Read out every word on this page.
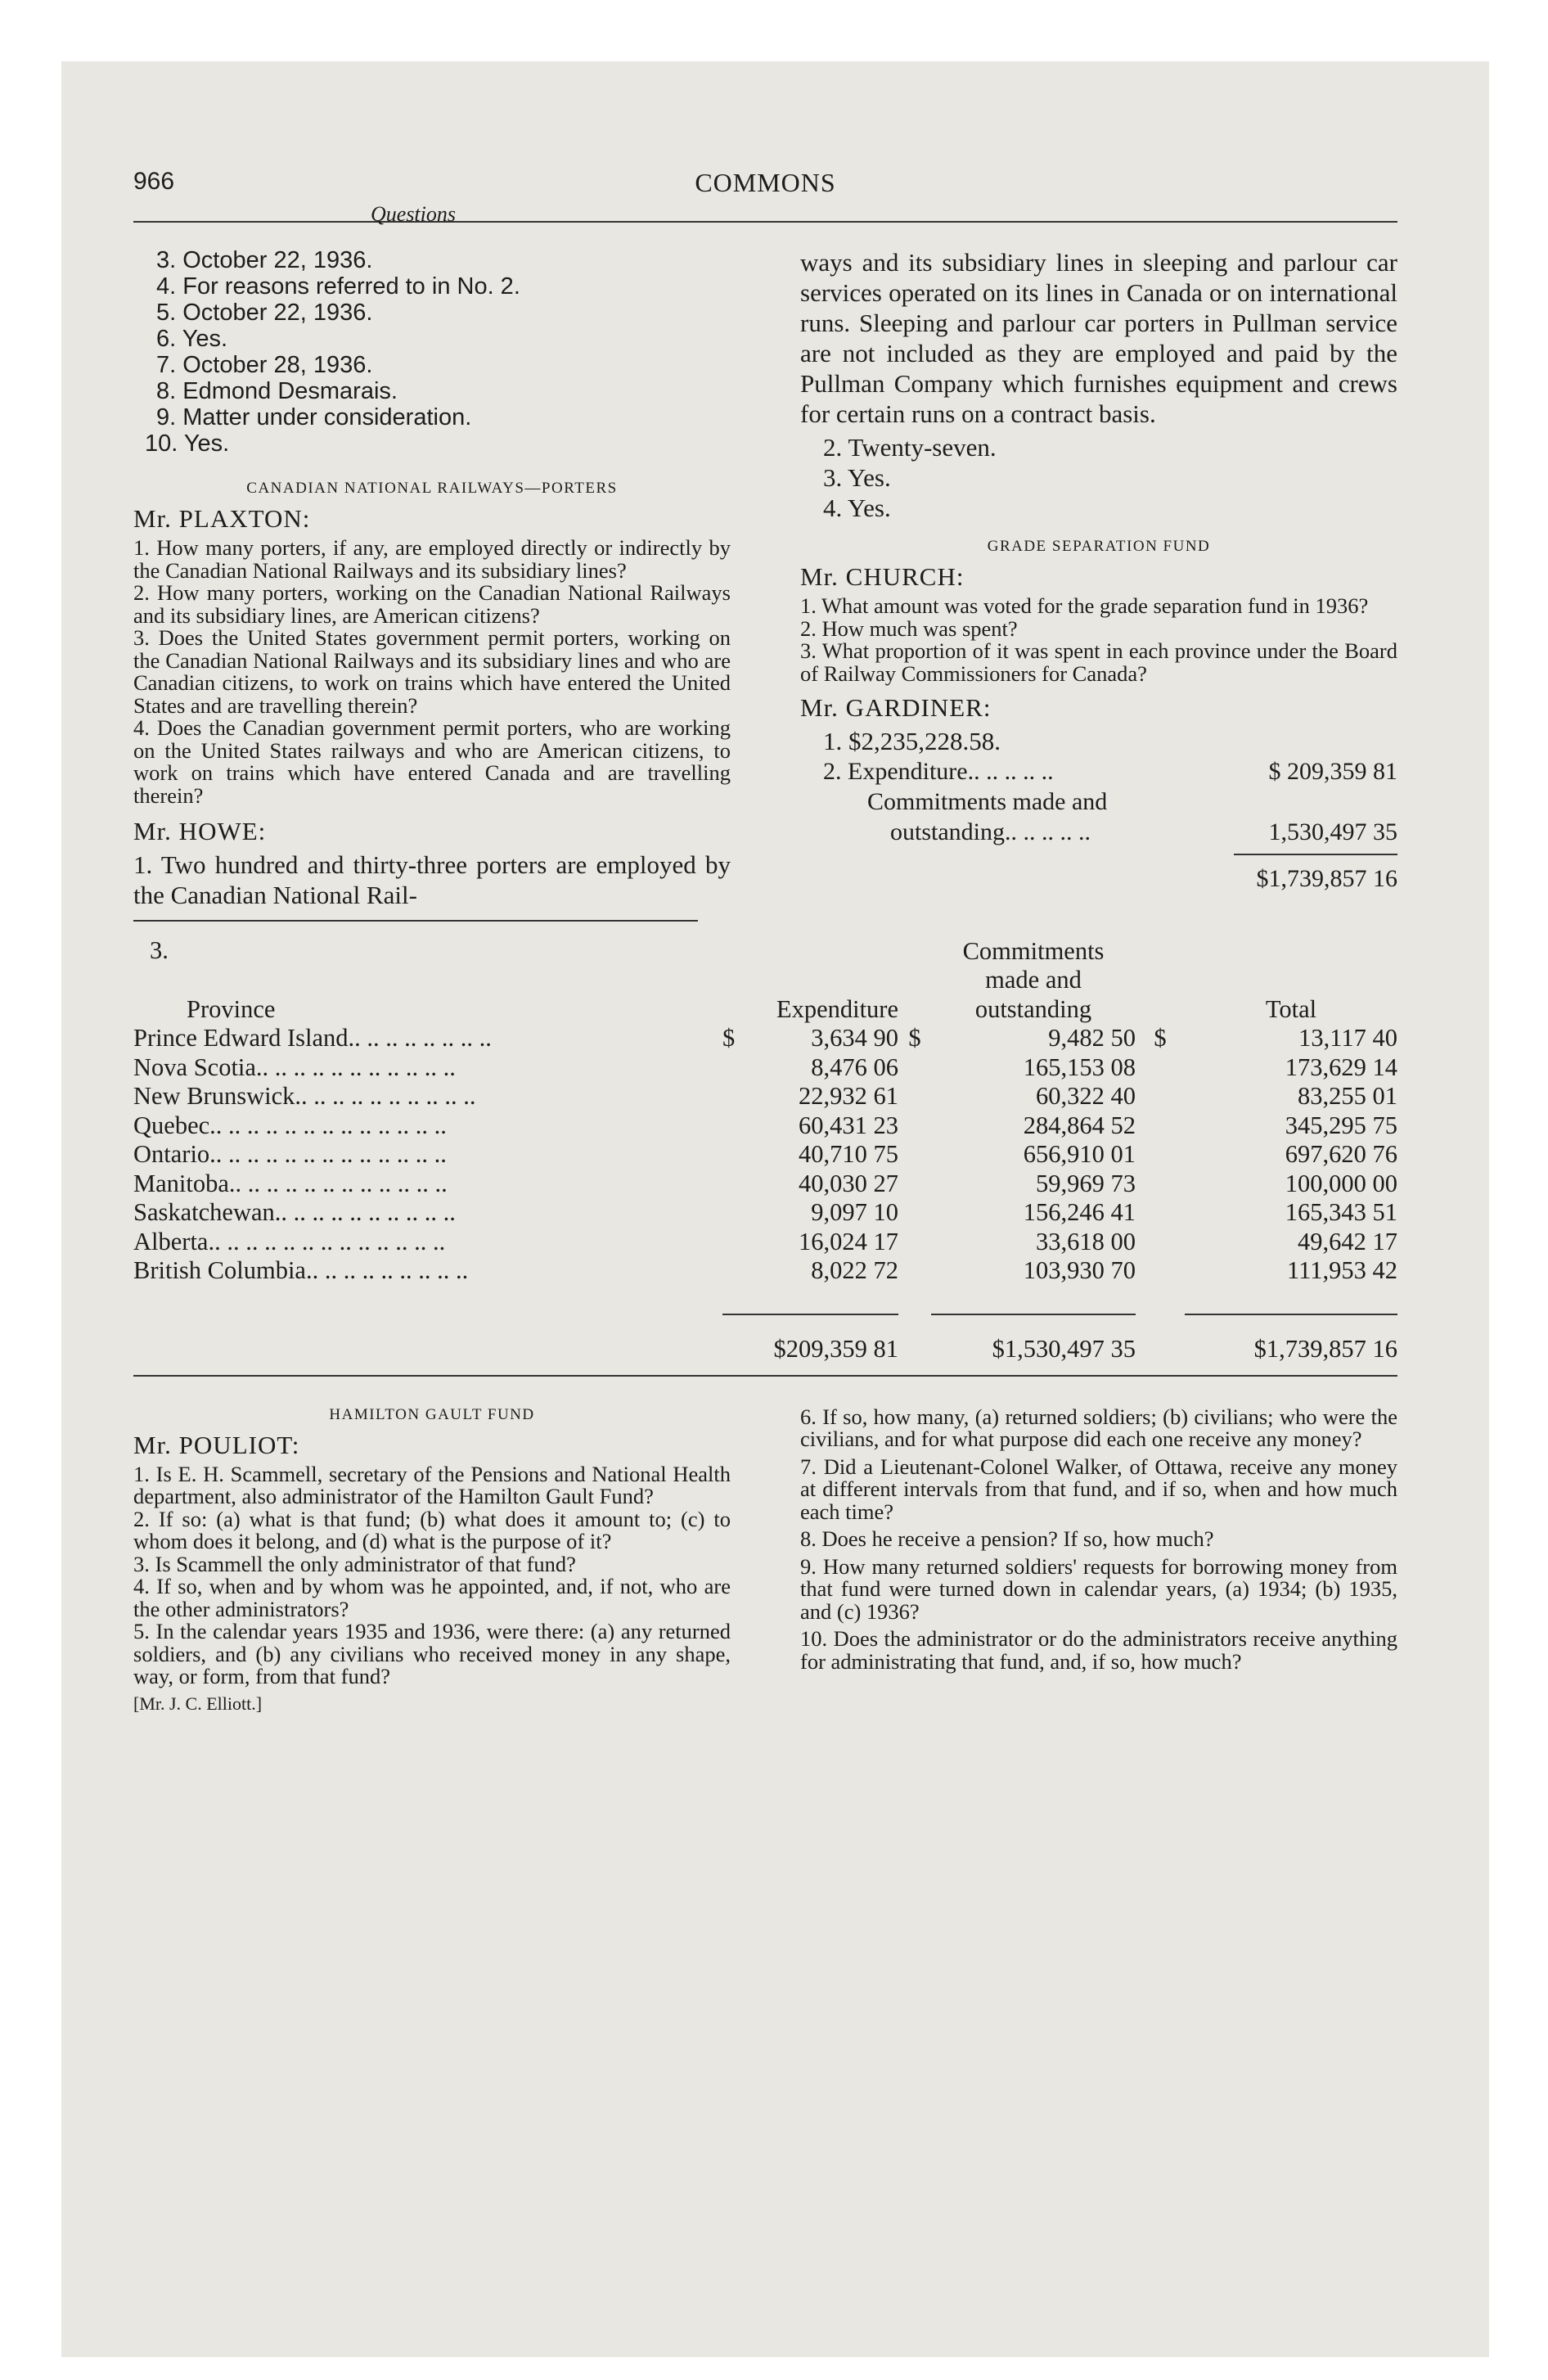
966	COMMONS
Questions
3. October 22, 1936.
4. For reasons referred to in No. 2.
5. October 22, 1936.
6. Yes.
7. October 28, 1936.
8. Edmond Desmarais.
9. Matter under consideration.
10. Yes.
CANADIAN NATIONAL RAILWAYS—PORTERS
Mr. PLAXTON:

1. How many porters, if any, are employed directly or indirectly by the Canadian National Railways and its subsidiary lines?

2. How many porters, working on the Canadian National Railways and its subsidiary lines, are American citizens?

3. Does the United States government permit porters, working on the Canadian National Railways and its subsidiary lines and who are Canadian citizens, to work on trains which have entered the United States and are travelling therein?

4. Does the Canadian government permit porters, who are working on the United States railways and who are American citizens, to work on trains which have entered Canada and are travelling therein?

Mr. HOWE:

1. Two hundred and thirty-three porters are employed by the Canadian National Rail-

ways and its subsidiary lines in sleeping and parlour car services operated on its lines in Canada or on international runs. Sleeping and parlour car porters in Pullman service are not included as they are employed and paid by the Pullman Company which furnishes equipment and crews for certain runs on a contract basis.

2. Twenty-seven.
3. Yes.
4. Yes.
GRADE SEPARATION FUND
Mr. CHURCH:

1. What amount was voted for the grade separation fund in 1936?

2. How much was spent?

3. What proportion of it was spent in each province under the Board of Railway Commissioners for Canada?

Mr. GARDINER:
1. $2,235,228.58.
2. Expenditure.. .. .. .. ..	$ 209,359 81
Commitments made and
outstanding.. .. .. .. ..	1,530,497 35
$1,739,857 16
3.				Commitments		
				made and		
Province	Expenditure			outstanding		Total
Prince Edward Island.. .. .. .. .. .. .. ..	$	3,634 90	$	9,482 50	$	13,117 40
Nova Scotia.. .. .. .. .. .. .. .. .. .. ..		8,476 06		165,153 08		173,629 14
New Brunswick.. .. .. .. .. .. .. .. .. ..		22,932 61		60,322 40		83,255 01
Quebec.. .. .. .. .. .. .. .. .. .. .. .. ..		60,431 23		284,864 52		345,295 75
Ontario.. .. .. .. .. .. .. .. .. .. .. .. ..		40,710 75		656,910 01		697,620 76
Manitoba.. .. .. .. .. .. .. .. .. .. .. ..		40,030 27		59,969 73		100,000 00
Saskatchewan.. .. .. .. .. .. .. .. .. ..		9,097 10		156,246 41		165,343 51
Alberta.. .. .. .. .. .. .. .. .. .. .. .. ..		16,024 17		33,618 00		49,642 17
British Columbia.. .. .. .. .. .. .. .. ..		8,022 72		103,930 70		111,953 42

	$209,359 81			$1,530,497 35		$1,739,857 16
HAMILTON GAULT FUND
Mr. POULIOT:

1. Is E. H. Scammell, secretary of the Pensions and National Health department, also administrator of the Hamilton Gault Fund?

2. If so: (a) what is that fund; (b) what does it amount to; (c) to whom does it belong, and (d) what is the purpose of it?

3. Is Scammell the only administrator of that fund?

4. If so, when and by whom was he appointed, and, if not, who are the other administrators?

5. In the calendar years 1935 and 1936, were there: (a) any returned soldiers, and (b) any civilians who received money in any shape, way, or form, from that fund?

[Mr. J. C. Elliott.]

6. If so, how many, (a) returned soldiers; (b) civilians; who were the civilians, and for what purpose did each one receive any money?

7. Did a Lieutenant-Colonel Walker, of Ottawa, receive any money at different intervals from that fund, and if so, when and how much each time?

8. Does he receive a pension? If so, how much?

9. How many returned soldiers' requests for borrowing money from that fund were turned down in calendar years, (a) 1934; (b) 1935, and (c) 1936?

10. Does the administrator or do the administrators receive anything for administrating that fund, and, if so, how much?
